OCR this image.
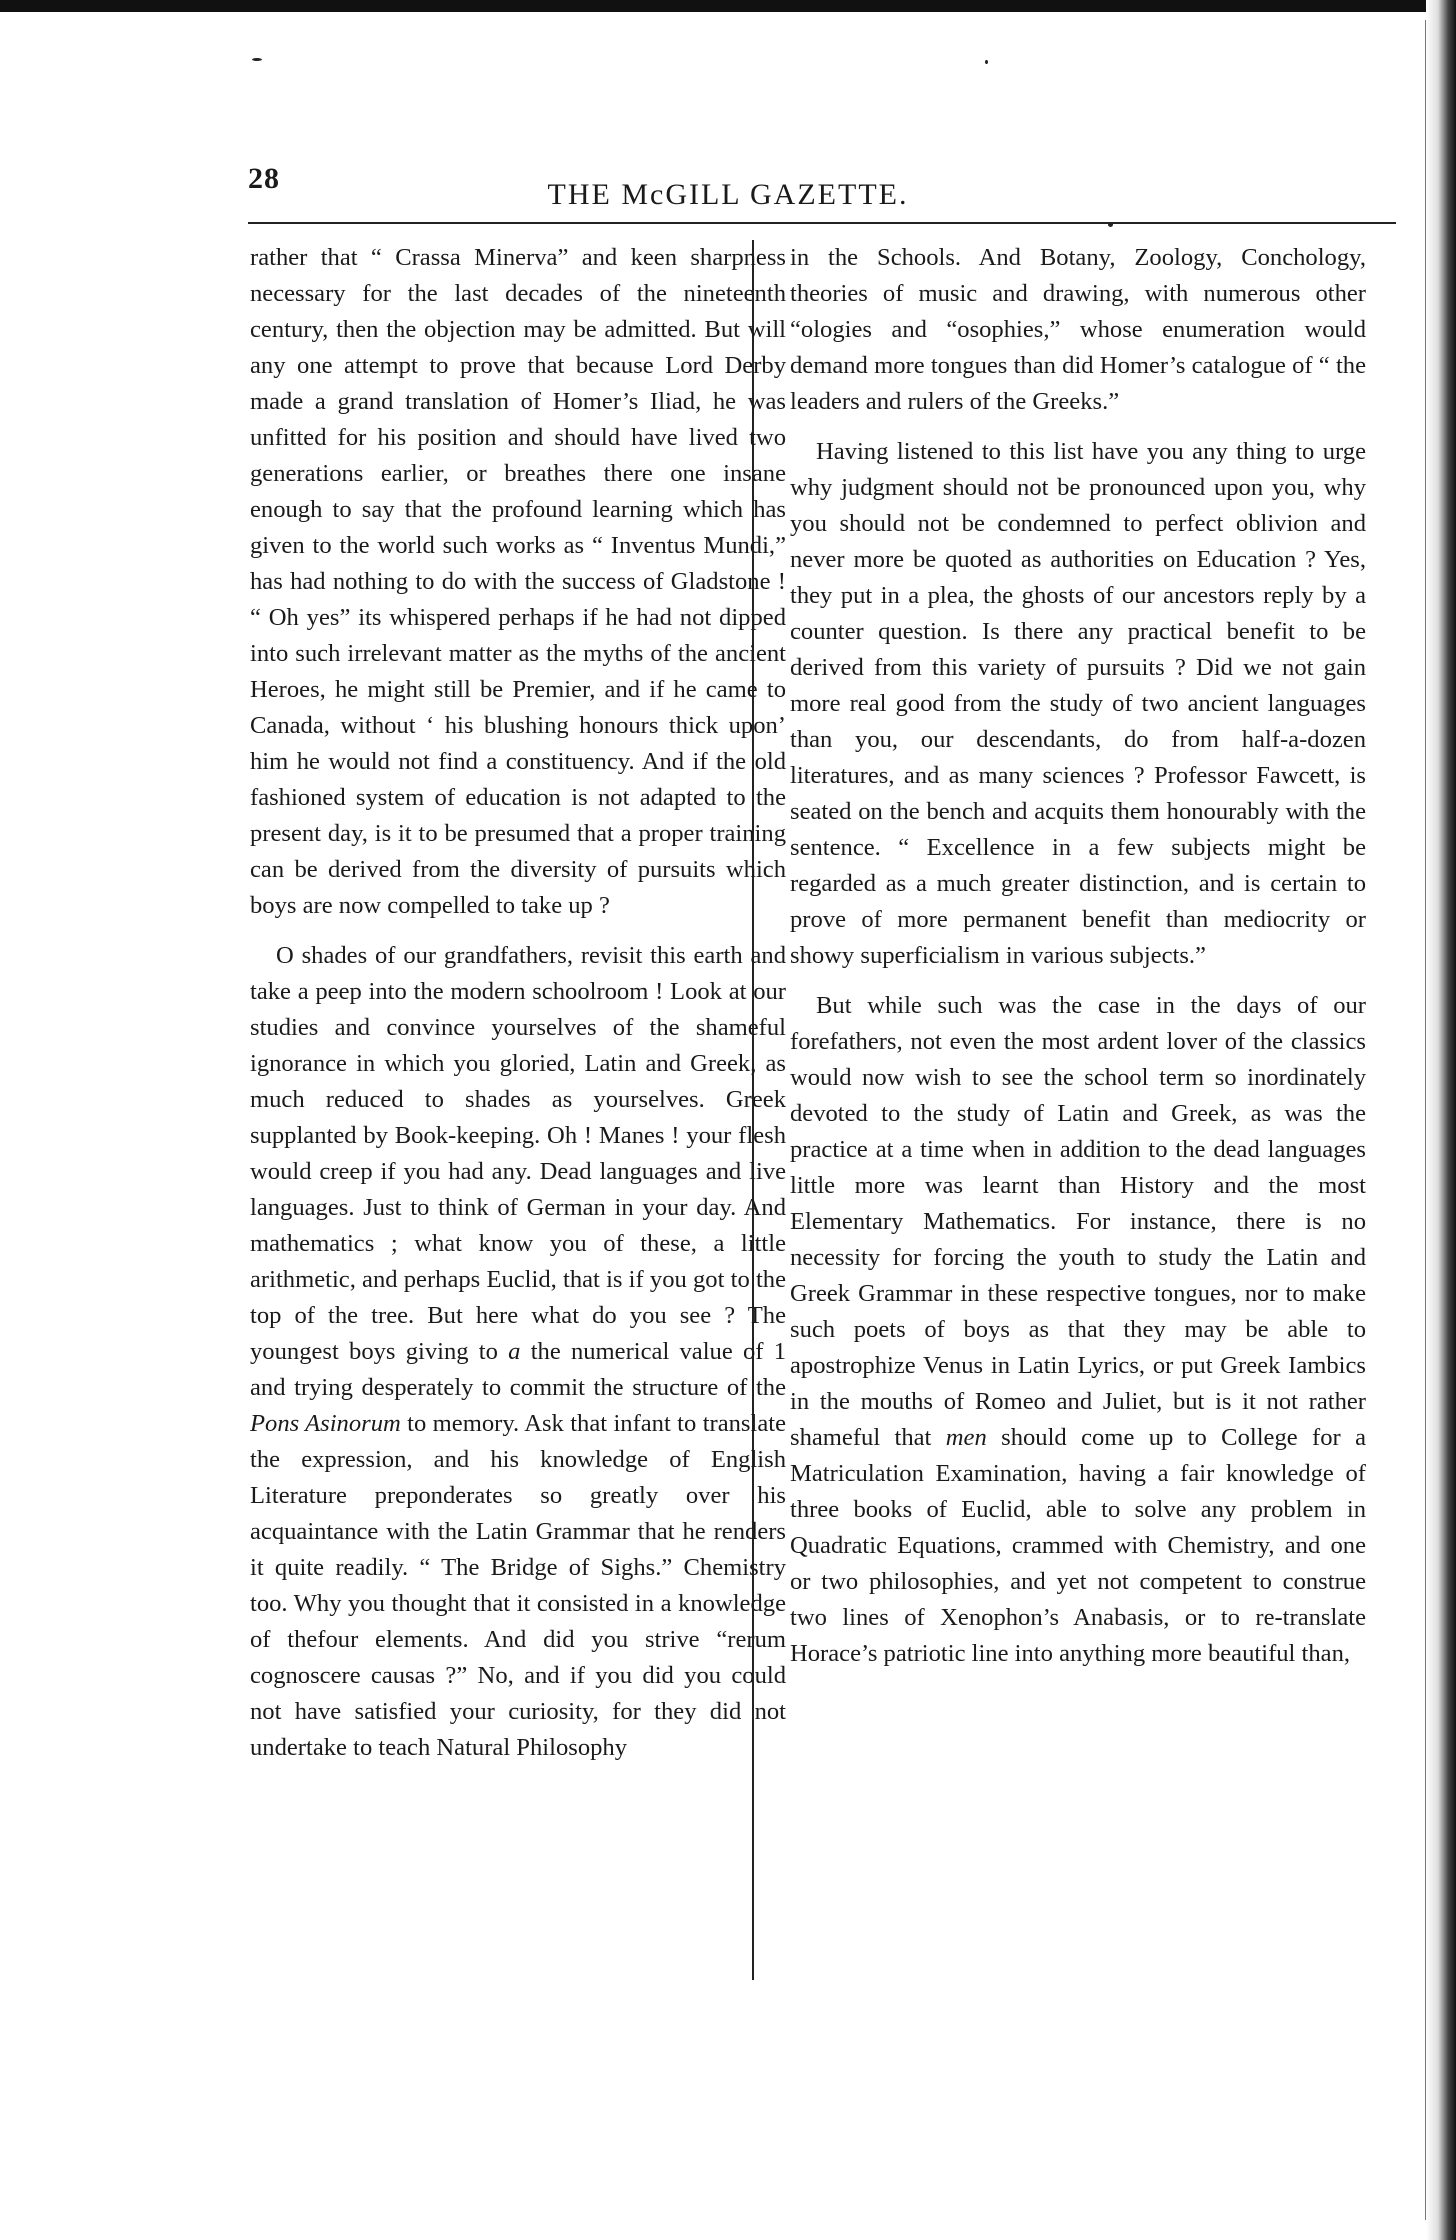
28	THE McGILL GAZETTE.

rather that “ Crassa Minerva” and keen sharpness necessary for the last decades of the nineteenth century, then the objection may be admitted. But will any one attempt to prove that because Lord Derby made a grand translation of Homer’s Iliad, he was unfitted for his position and should have lived two generations earlier, or breathes there one insane enough to say that the profound learning which has given to the world such works as “ Inventus Mundi,” has had nothing to do with the success of Gladstone ! “ Oh yes” its whispered perhaps if he had not dipped into such irrelevant matter as the myths of the ancient Heroes, he might still be Premier, and if he came to Canada, without ‘ his blushing honours thick upon’ him he would not find a constituency. And if the old fashioned system of education is not adapted to the present day, is it to be presumed that a proper training can be derived from the diversity of pursuits which boys are now compelled to take up ?

O shades of our grandfathers, revisit this earth and take a peep into the modern schoolroom ! Look at our studies and convince yourselves of the shameful ignorance in which you gloried, Latin and Greek, as much reduced to shades as yourselves. Greek supplanted by Book-keeping. Oh ! Manes ! your flesh would creep if you had any. Dead languages and live languages. Just to think of German in your day. And mathematics ; what know you of these, a little arithmetic, and perhaps Euclid, that is if you got to the top of the tree. But here what do you see ? The youngest boys giving to a the numerical value of 1 and trying desperately to commit the structure of the Pons Asinorum to memory. Ask that infant to translate the expression, and his knowledge of English Literature preponderates so greatly over his acquaintance with the Latin Grammar that he renders it quite readily. “ The Bridge of Sighs.” Chemistry too. Why you thought that it consisted in a knowledge of thefour elements. And did you strive “rerum cognoscere causas ?” No, and if you did you could not have satisfied your curiosity, for they did not undertake to teach Natural Philosophy

in the Schools. And Botany, Zoology, Conchology, theories of music and drawing, with numerous other “ologies and “osophies,” whose enumeration would demand more tongues than did Homer’s catalogue of “ the leaders and rulers of the Greeks.”

Having listened to this list have you any thing to urge why judgment should not be pronounced upon you, why you should not be condemned to perfect oblivion and never more be quoted as authorities on Education ? Yes, they put in a plea, the ghosts of our ancestors reply by a counter question. Is there any practical benefit to be derived from this variety of pursuits ? Did we not gain more real good from the study of two ancient languages than you, our descendants, do from half-a-dozen literatures, and as many sciences ? Professor Fawcett, is seated on the bench and acquits them honourably with the sentence. “ Excellence in a few subjects might be regarded as a much greater distinction, and is certain to prove of more permanent benefit than mediocrity or showy superficialism in various subjects.”

But while such was the case in the days of our forefathers, not even the most ardent lover of the classics would now wish to see the school term so inordinately devoted to the study of Latin and Greek, as was the practice at a time when in addition to the dead languages little more was learnt than History and the most Elementary Mathematics. For instance, there is no necessity for forcing the youth to study the Latin and Greek Grammar in these respective tongues, nor to make such poets of boys as that they may be able to apostrophize Venus in Latin Lyrics, or put Greek Iambics in the mouths of Romeo and Juliet, but is it not rather shameful that men should come up to College for a Matriculation Examination, having a fair knowledge of three books of Euclid, able to solve any problem in Quadratic Equations, crammed with Chemistry, and one or two philosophies, and yet not competent to construe two lines of Xenophon’s Anabasis, or to re-translate Horace’s patriotic line into anything more beautiful than,
